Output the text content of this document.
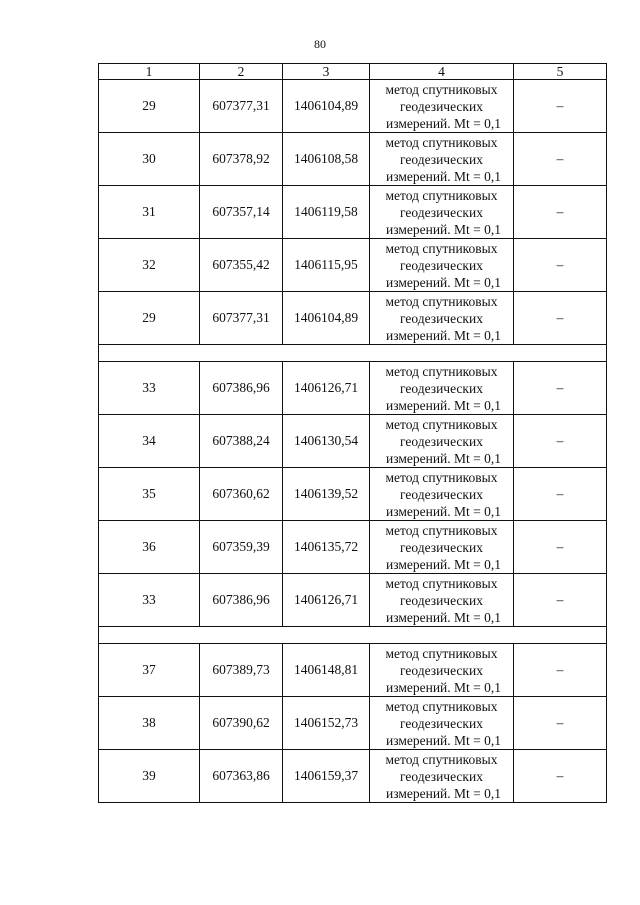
80
1	2	3	4	5
29	607377,31	1406104,89	метод спутниковых
геодезических
измерений. Mt = 0,1	–
30	607378,92	1406108,58	метод спутниковых
геодезических
измерений. Mt = 0,1	–
31	607357,14	1406119,58	метод спутниковых
геодезических
измерений. Mt = 0,1	–
32	607355,42	1406115,95	метод спутниковых
геодезических
измерений. Mt = 0,1	–
29	607377,31	1406104,89	метод спутниковых
геодезических
измерений. Mt = 0,1	–

33	607386,96	1406126,71	метод спутниковых
геодезических
измерений. Mt = 0,1	–
34	607388,24	1406130,54	метод спутниковых
геодезических
измерений. Mt = 0,1	–
35	607360,62	1406139,52	метод спутниковых
геодезических
измерений. Mt = 0,1	–
36	607359,39	1406135,72	метод спутниковых
геодезических
измерений. Mt = 0,1	–
33	607386,96	1406126,71	метод спутниковых
геодезических
измерений. Mt = 0,1	–

37	607389,73	1406148,81	метод спутниковых
геодезических
измерений. Mt = 0,1	–
38	607390,62	1406152,73	метод спутниковых
геодезических
измерений. Mt = 0,1	–
39	607363,86	1406159,37	метод спутниковых
геодезических
измерений. Mt = 0,1	–
